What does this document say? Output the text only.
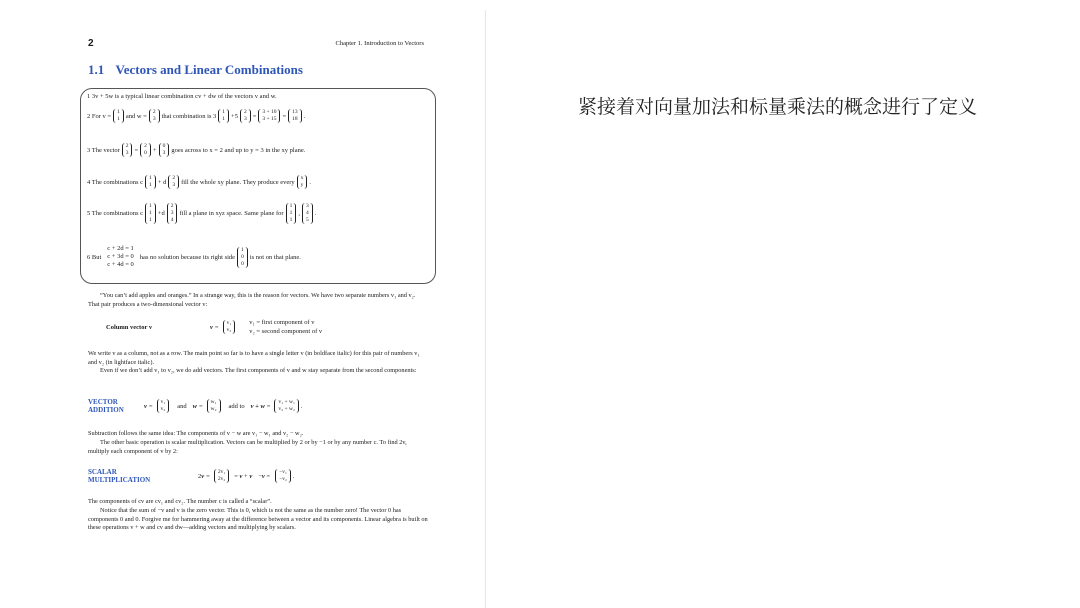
2	Chapter 1. Introduction to Vectors
1.1 Vectors and Linear Combinations
1 3v + 5w is a typical linear combination cv + dw of the vectors v and w.
2 For v =
1
1 and w =
2
3 that combination is 3
1
1 +5
2
3 =
3 + 10
3 + 15 =
13
18 .
3 The vector
2
3 =
2
0 +
0
3 goes across to x = 2 and up to y = 3 in the xy plane.
4 The combinations c
1
1 + d
2
3 fill the whole xy plane. They produce every
x
y .
5 The combinations c
1
1
1
+d
2
3
4
fill a plane in xyz space. Same plane for
1
1
1
,
3
4
5
.
6 But
c + 2d = 1
c + 3d = 0
c + 4d = 0
has no solution because its right side
1
0
0
is not on that plane.
“You can’t add apples and oranges.” In a strange way, this is the reason for vectors. We have two separate numbers v₁ and v₂. That pair produces a two-dimensional vector v:
Column vector v	v =
v₁
v₂
v₁ = first component of v
v₂ = second component of v
We write v as a column, not as a row. The main point so far is to have a single letter v (in boldface italic) for this pair of numbers v₁ and v₂ (in lightface italic).
Even if we don’t add v₁ to v₂, we do add vectors. The first components of v and w stay separate from the second components:
VECTOR
ADDITION	v =
v₁
v₂ and w =
w₁
w₂ add to v + w =
v₁ + w₁
v₂ + w₂ .
Subtraction follows the same idea: The components of v − w are v₁ − w₁ and v₂ − w₂.
The other basic operation is scalar multiplication. Vectors can be multiplied by 2 or by −1 or by any number c. To find 2v, multiply each component of v by 2:
SCALAR
MULTIPLICATION	2v =
2v₁
2v₂ = v + v −v =
−v₁
−v₂ .
The components of cv are cv₁ and cv₂. The number c is called a “scalar”.
Notice that the sum of −v and v is the zero vector. This is 0, which is not the same as the number zero! The vector 0 has components 0 and 0. Forgive me for hammering away at the difference between a vector and its components. Linear algebra is built on these operations v + w and cv and dw—adding vectors and multiplying by scalars.
紧接着对向量加法和标量乘法的概念进行了定义
